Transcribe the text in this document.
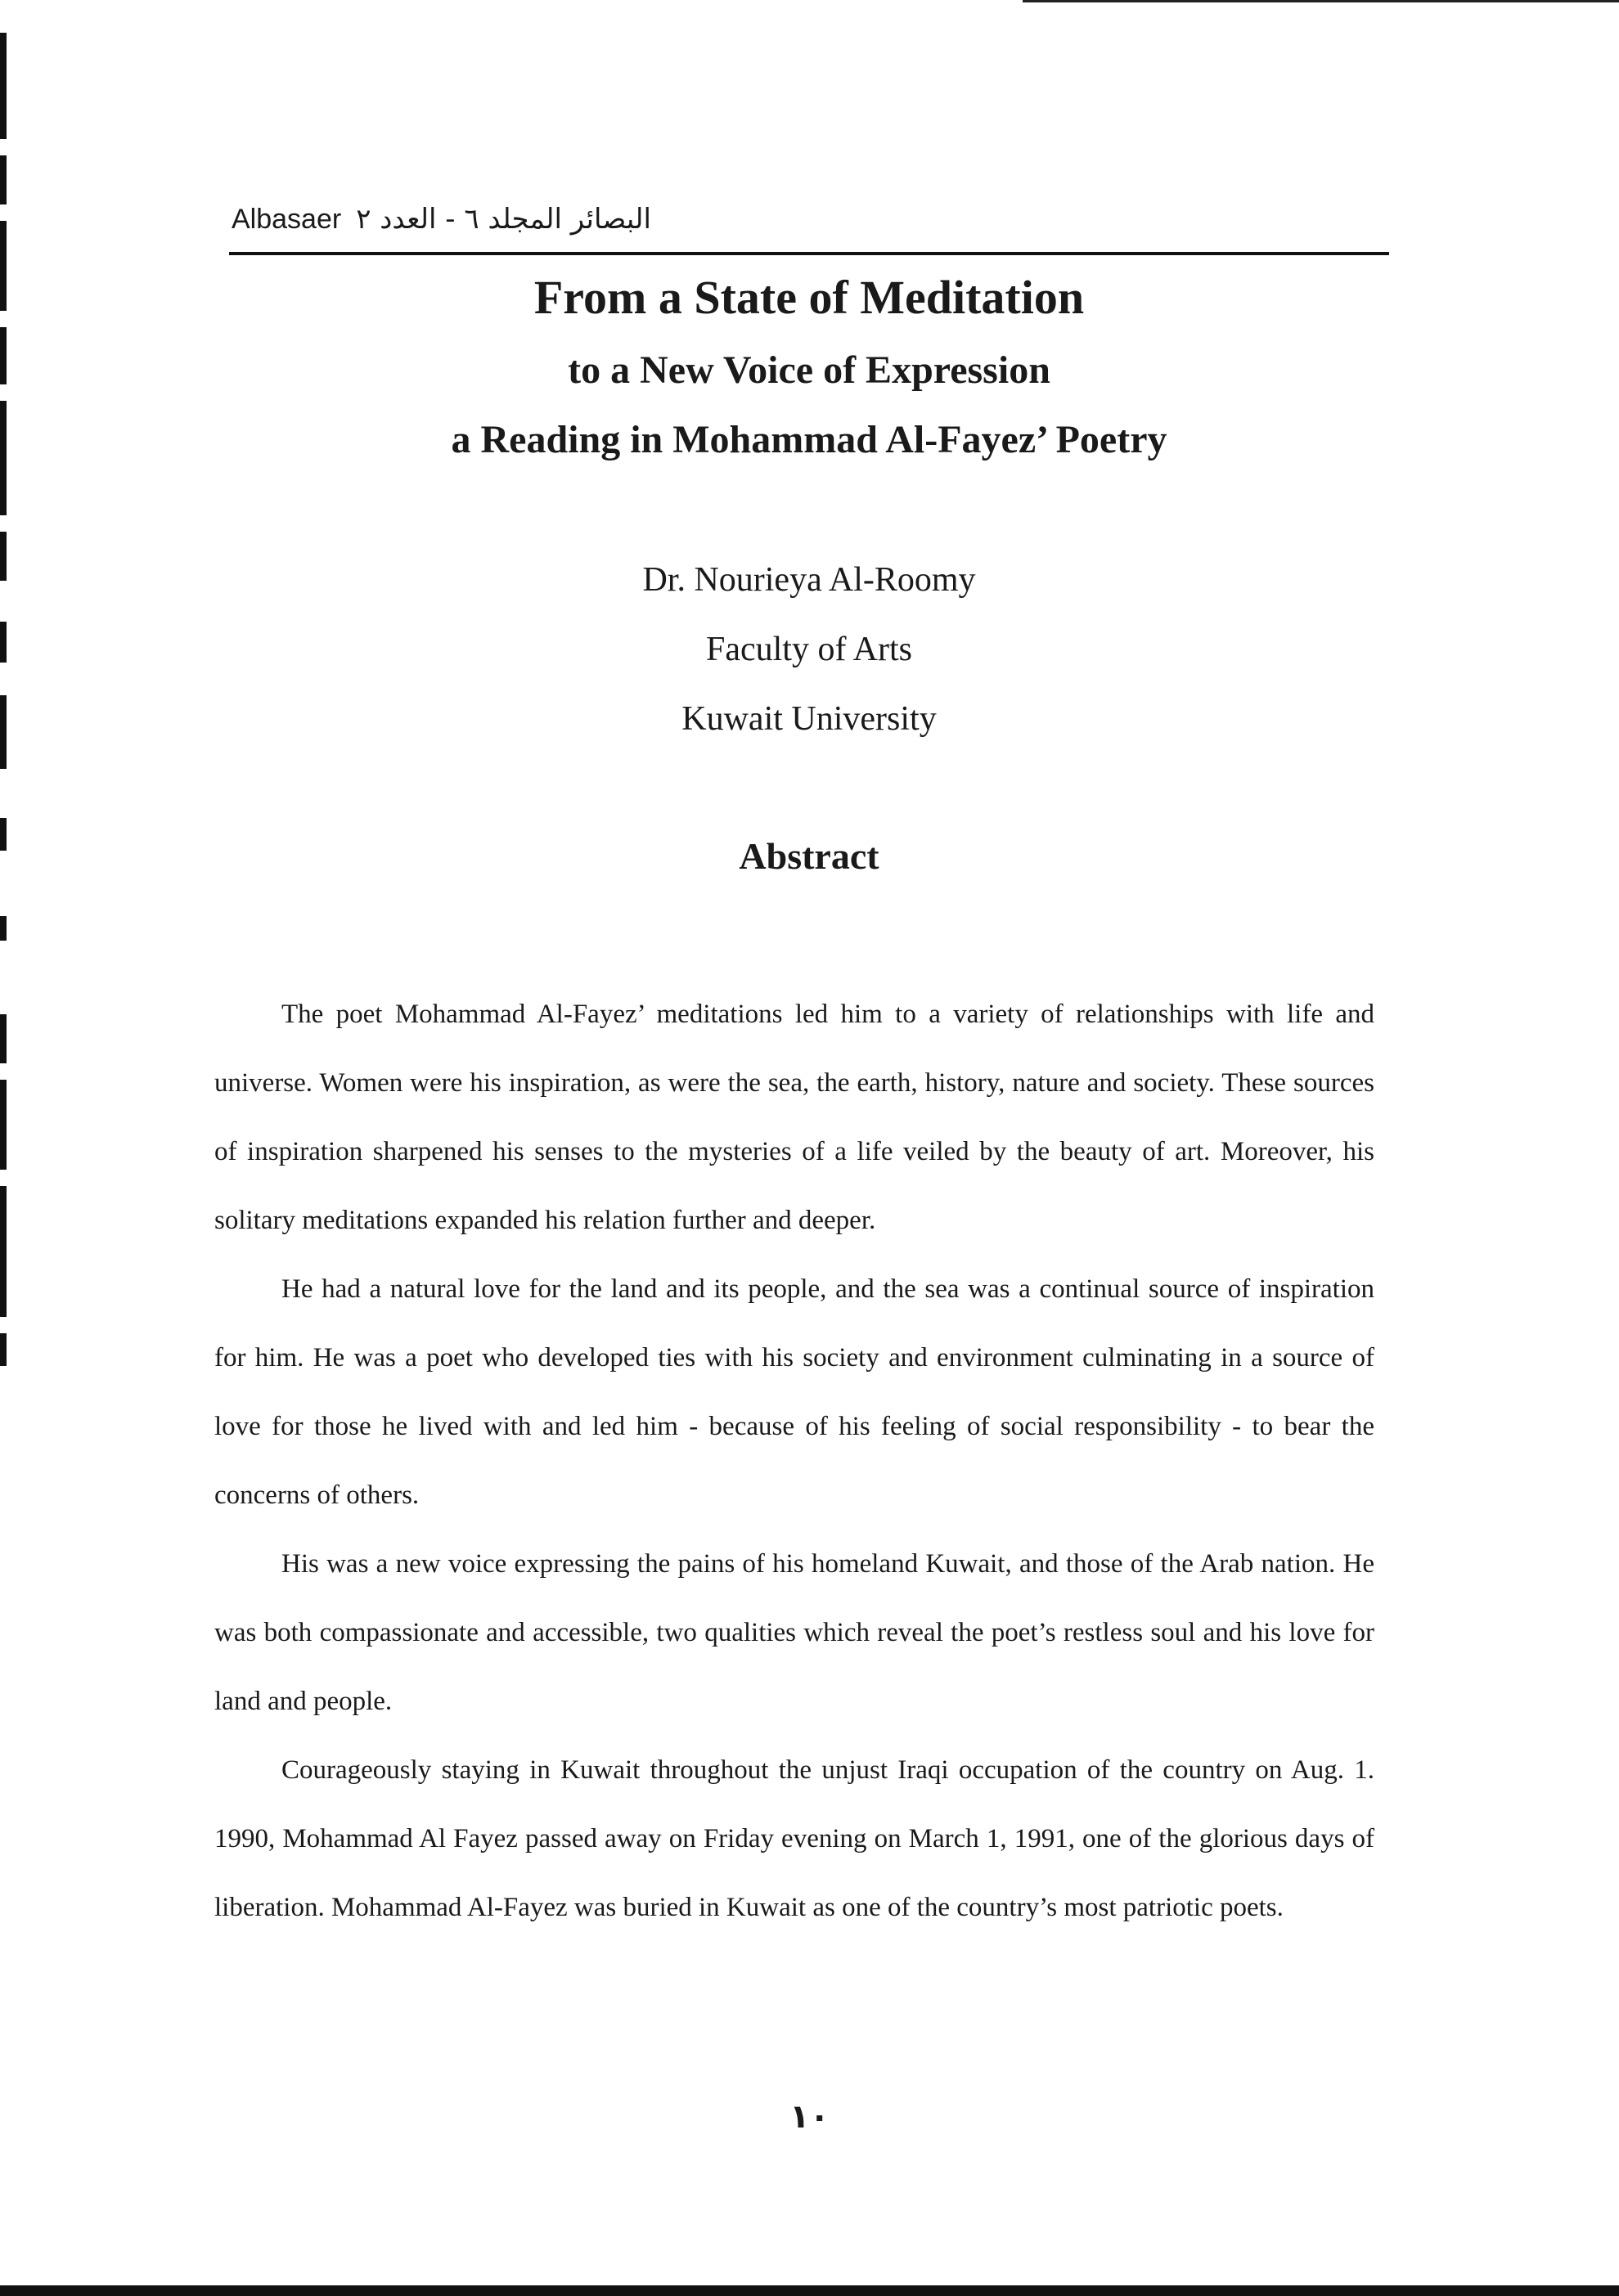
Albasaer البصائر المجلد ٦ - العدد ٢
From a State of Meditation
to a New Voice of Expression
a Reading in Mohammad Al-Fayez’ Poetry
Dr. Nourieya Al-Roomy
Faculty of Arts
Kuwait University
Abstract

The poet Mohammad Al-Fayez’ meditations led him to a variety of relationships with life and universe. Women were his inspiration, as were the sea, the earth, history, nature and society. These sources of inspiration sharpened his senses to the mysteries of a life veiled by the beauty of art. Moreover, his solitary meditations expanded his relation further and deeper.

He had a natural love for the land and its people, and the sea was a continual source of inspiration for him. He was a poet who developed ties with his society and environment culminating in a source of love for those he lived with and led him - because of his feeling of social responsibility - to bear the concerns of others.

His was a new voice expressing the pains of his homeland Kuwait, and those of the Arab nation. He was both compassionate and accessible, two qualities which reveal the poet’s restless soul and his love for land and people.

Courageously staying in Kuwait throughout the unjust Iraqi occupation of the country on Aug. 1. 1990, Mohammad Al Fayez passed away on Friday evening on March 1, 1991, one of the glorious days of liberation. Mohammad Al-Fayez was buried in Kuwait as one of the country’s most patriotic poets.

١٠
